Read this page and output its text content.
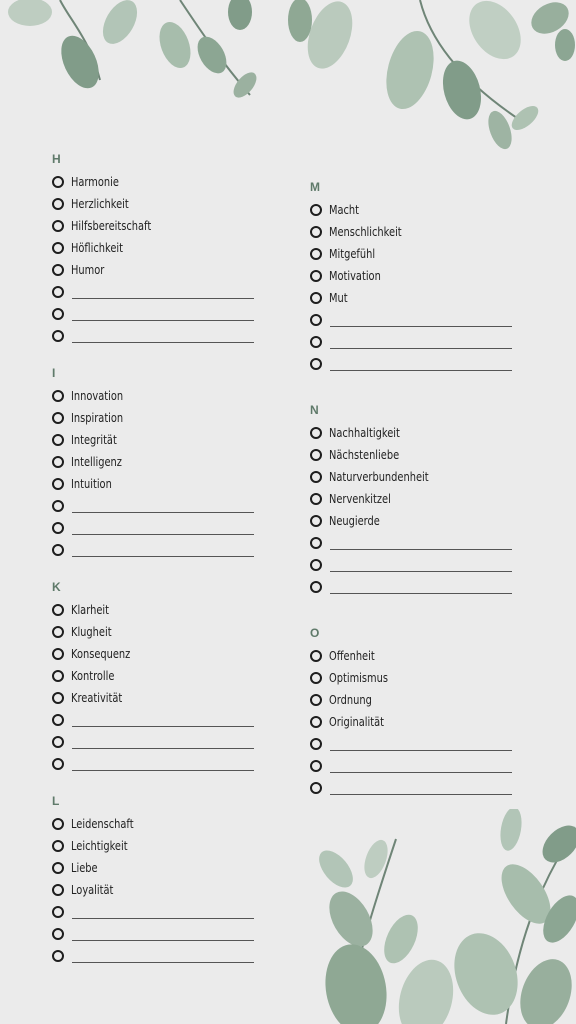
H
Harmonie
Herzlichkeit
Hilfsbereitschaft
Höflichkeit
Humor
I
Innovation
Inspiration
Integrität
Intelligenz
Intuition
K
Klarheit
Klugheit
Konsequenz
Kontrolle
Kreativität
L
Leidenschaft
Leichtigkeit
Liebe
Loyalität
M
Macht
Menschlichkeit
Mitgefühl
Motivation
Mut
N
Nachhaltigkeit
Nächstenliebe
Naturverbundenheit
Nervenkitzel
Neugierde
O
Offenheit
Optimismus
Ordnung
Originalität
